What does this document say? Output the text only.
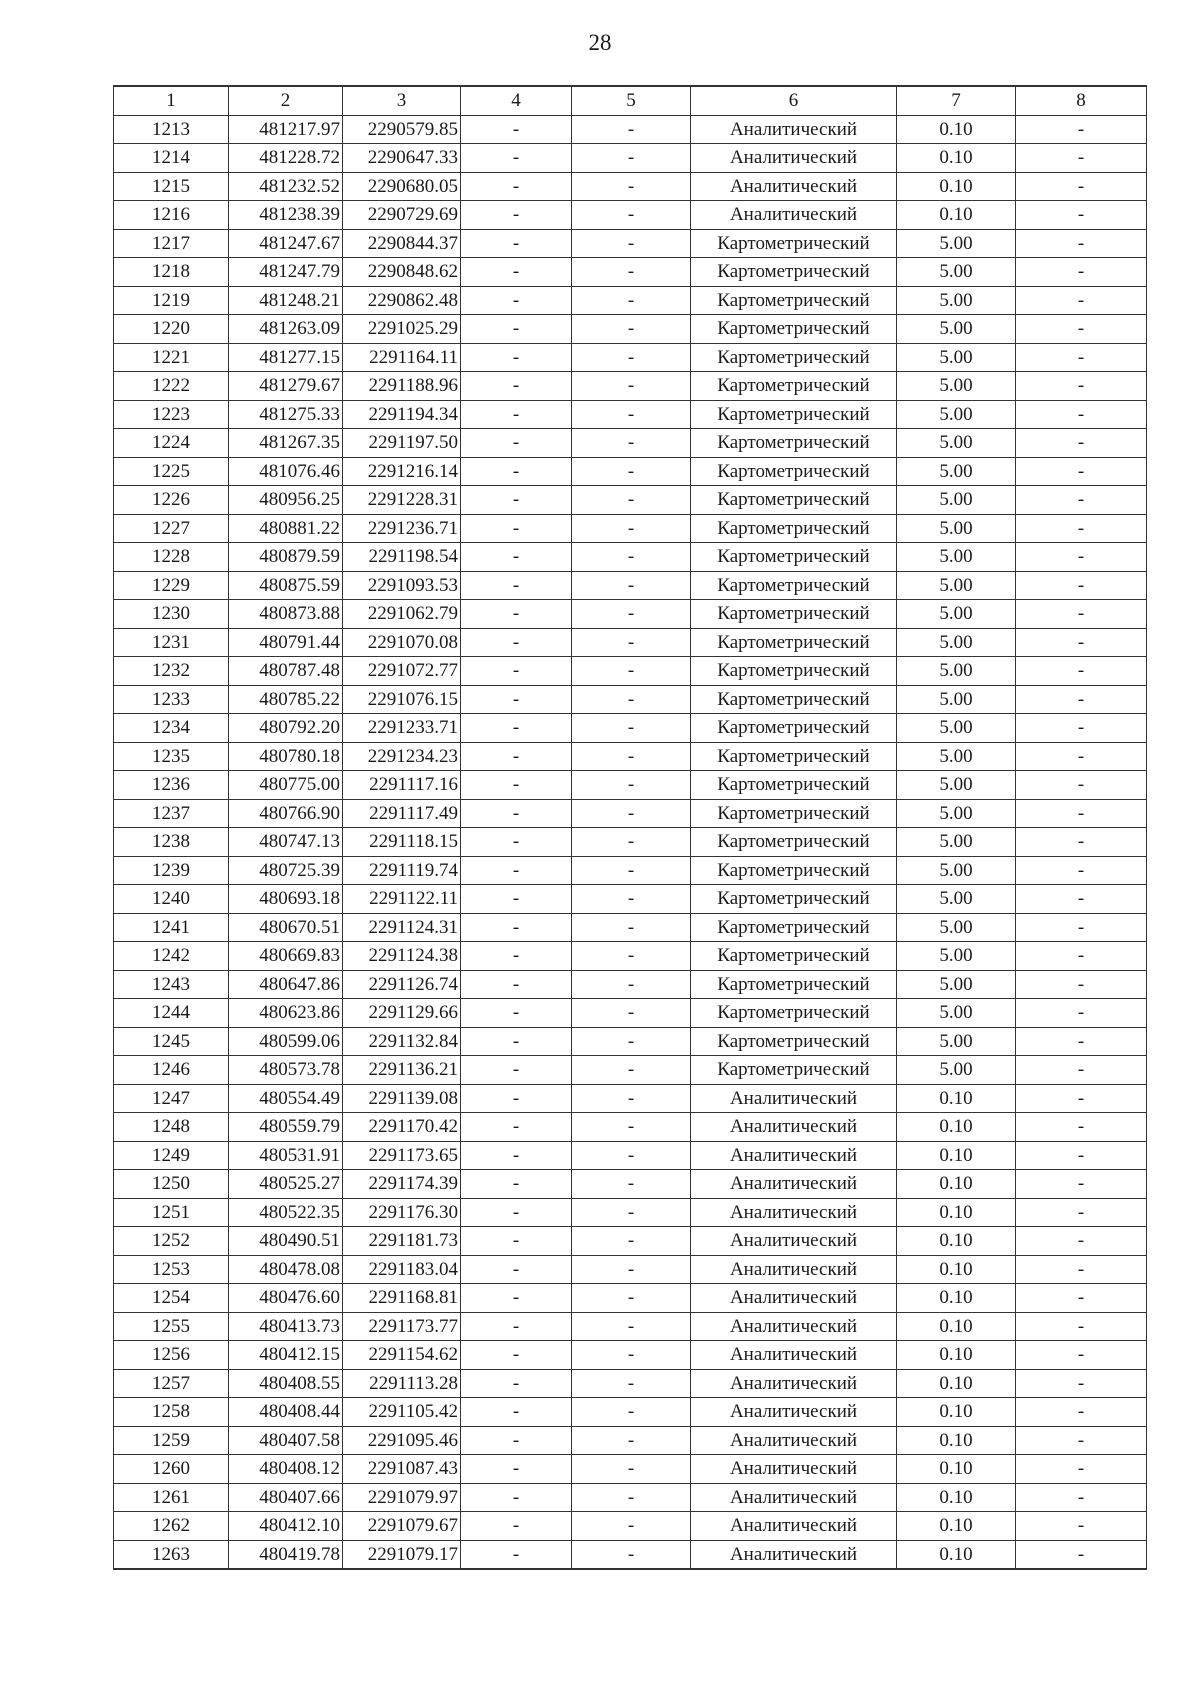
28
1	2	3	4	5	6	7	8
1213	481217.97	2290579.85	-	-	Аналитический	0.10	-
1214	481228.72	2290647.33	-	-	Аналитический	0.10	-
1215	481232.52	2290680.05	-	-	Аналитический	0.10	-
1216	481238.39	2290729.69	-	-	Аналитический	0.10	-
1217	481247.67	2290844.37	-	-	Картометрический	5.00	-
1218	481247.79	2290848.62	-	-	Картометрический	5.00	-
1219	481248.21	2290862.48	-	-	Картометрический	5.00	-
1220	481263.09	2291025.29	-	-	Картометрический	5.00	-
1221	481277.15	2291164.11	-	-	Картометрический	5.00	-
1222	481279.67	2291188.96	-	-	Картометрический	5.00	-
1223	481275.33	2291194.34	-	-	Картометрический	5.00	-
1224	481267.35	2291197.50	-	-	Картометрический	5.00	-
1225	481076.46	2291216.14	-	-	Картометрический	5.00	-
1226	480956.25	2291228.31	-	-	Картометрический	5.00	-
1227	480881.22	2291236.71	-	-	Картометрический	5.00	-
1228	480879.59	2291198.54	-	-	Картометрический	5.00	-
1229	480875.59	2291093.53	-	-	Картометрический	5.00	-
1230	480873.88	2291062.79	-	-	Картометрический	5.00	-
1231	480791.44	2291070.08	-	-	Картометрический	5.00	-
1232	480787.48	2291072.77	-	-	Картометрический	5.00	-
1233	480785.22	2291076.15	-	-	Картометрический	5.00	-
1234	480792.20	2291233.71	-	-	Картометрический	5.00	-
1235	480780.18	2291234.23	-	-	Картометрический	5.00	-
1236	480775.00	2291117.16	-	-	Картометрический	5.00	-
1237	480766.90	2291117.49	-	-	Картометрический	5.00	-
1238	480747.13	2291118.15	-	-	Картометрический	5.00	-
1239	480725.39	2291119.74	-	-	Картометрический	5.00	-
1240	480693.18	2291122.11	-	-	Картометрический	5.00	-
1241	480670.51	2291124.31	-	-	Картометрический	5.00	-
1242	480669.83	2291124.38	-	-	Картометрический	5.00	-
1243	480647.86	2291126.74	-	-	Картометрический	5.00	-
1244	480623.86	2291129.66	-	-	Картометрический	5.00	-
1245	480599.06	2291132.84	-	-	Картометрический	5.00	-
1246	480573.78	2291136.21	-	-	Картометрический	5.00	-
1247	480554.49	2291139.08	-	-	Аналитический	0.10	-
1248	480559.79	2291170.42	-	-	Аналитический	0.10	-
1249	480531.91	2291173.65	-	-	Аналитический	0.10	-
1250	480525.27	2291174.39	-	-	Аналитический	0.10	-
1251	480522.35	2291176.30	-	-	Аналитический	0.10	-
1252	480490.51	2291181.73	-	-	Аналитический	0.10	-
1253	480478.08	2291183.04	-	-	Аналитический	0.10	-
1254	480476.60	2291168.81	-	-	Аналитический	0.10	-
1255	480413.73	2291173.77	-	-	Аналитический	0.10	-
1256	480412.15	2291154.62	-	-	Аналитический	0.10	-
1257	480408.55	2291113.28	-	-	Аналитический	0.10	-
1258	480408.44	2291105.42	-	-	Аналитический	0.10	-
1259	480407.58	2291095.46	-	-	Аналитический	0.10	-
1260	480408.12	2291087.43	-	-	Аналитический	0.10	-
1261	480407.66	2291079.97	-	-	Аналитический	0.10	-
1262	480412.10	2291079.67	-	-	Аналитический	0.10	-
1263	480419.78	2291079.17	-	-	Аналитический	0.10	-
